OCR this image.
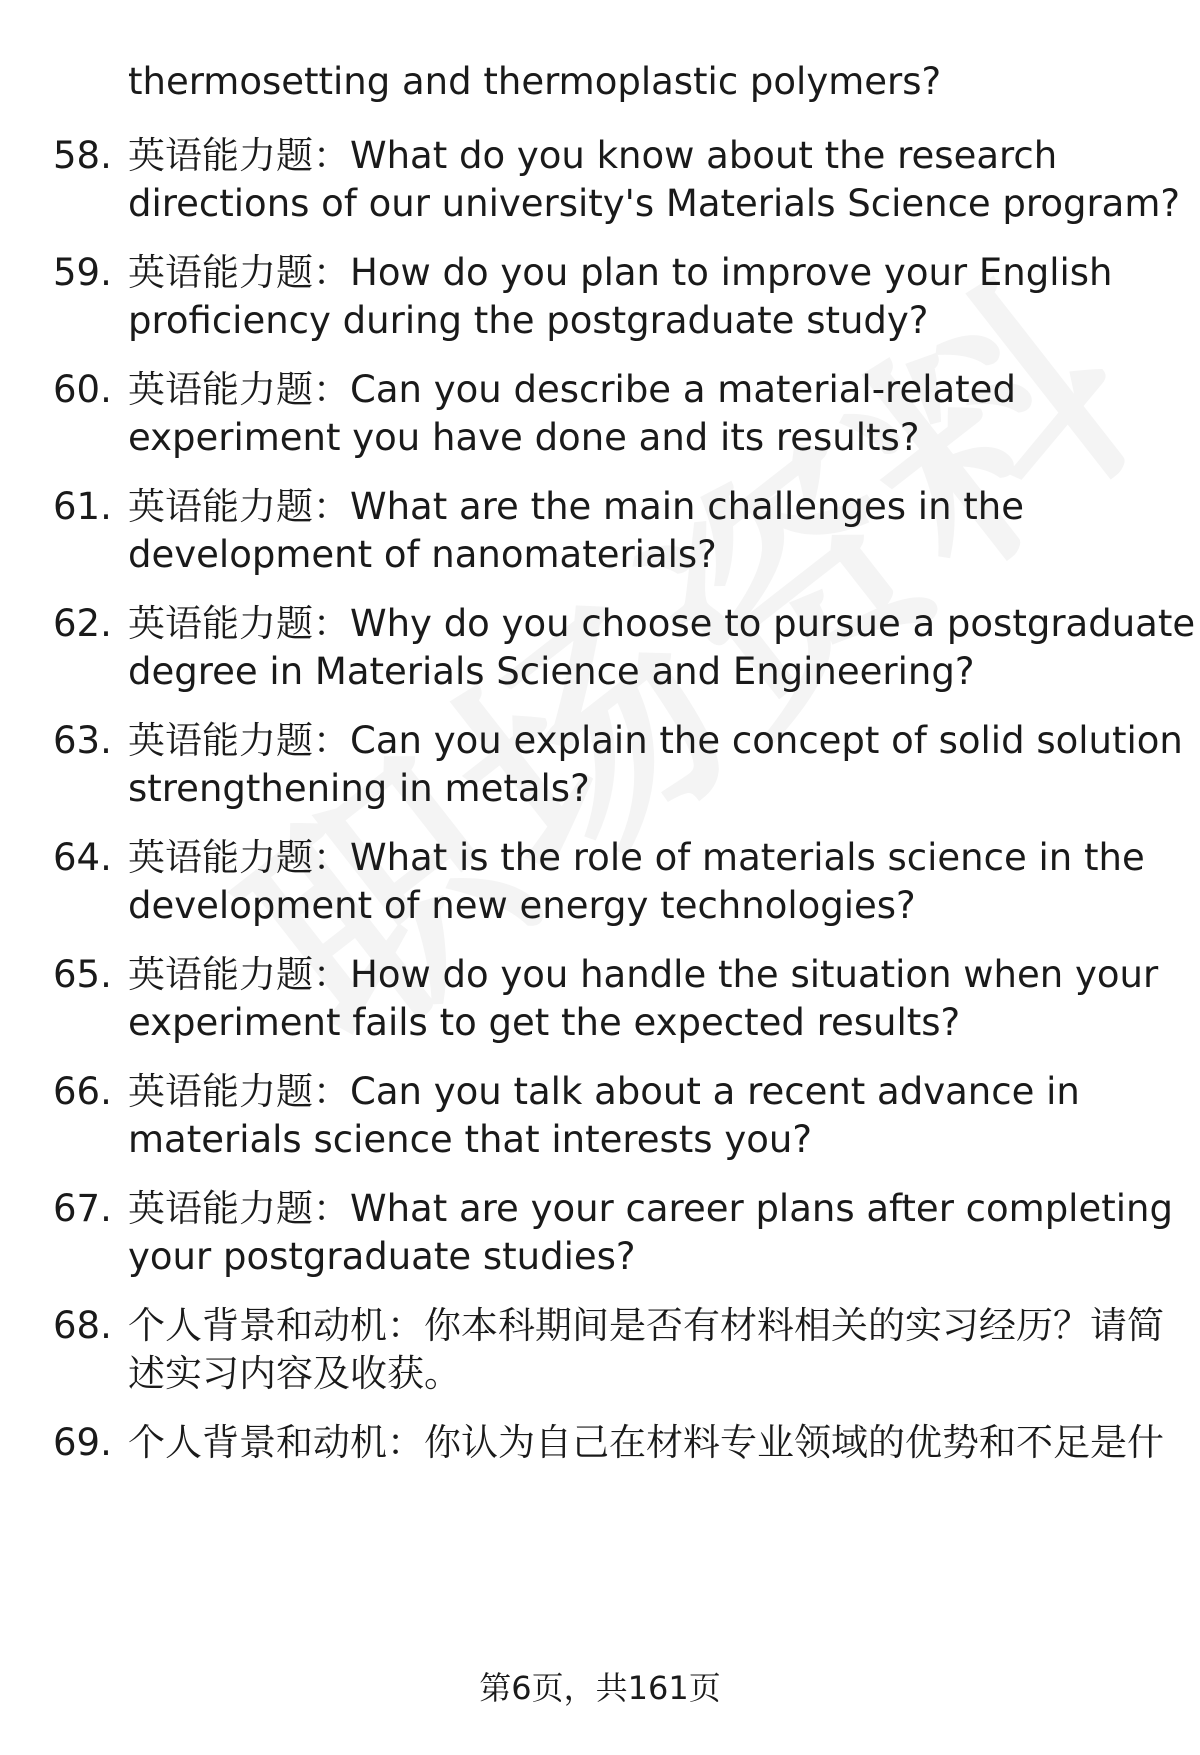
thermosetting and thermoplastic polymers?
58. 英语能力题：What do you know about the research
directions of our university's Materials Science program?
59. 英语能力题：How do you plan to improve your English
proficiency during the postgraduate study?
60. 英语能力题：Can you describe a material-related
experiment you have done and its results?
61. 英语能力题：What are the main challenges in the
development of nanomaterials?
62. 英语能力题：Why do you choose to pursue a postgraduate
degree in Materials Science and Engineering?
63. 英语能力题：Can you explain the concept of solid solution
strengthening in metals?
64. 英语能力题：What is the role of materials science in the
development of new energy technologies?
65. 英语能力题：How do you handle the situation when your
experiment fails to get the expected results?
66. 英语能力题：Can you talk about a recent advance in
materials science that interests you?
67. 英语能力题：What are your career plans after completing
your postgraduate studies?
68. 个人背景和动机：你本科期间是否有材料相关的实习经历？请简
述实习内容及收获。
69. 个人背景和动机：你认为自己在材料专业领域的优势和不足是什
第6页，共161页
